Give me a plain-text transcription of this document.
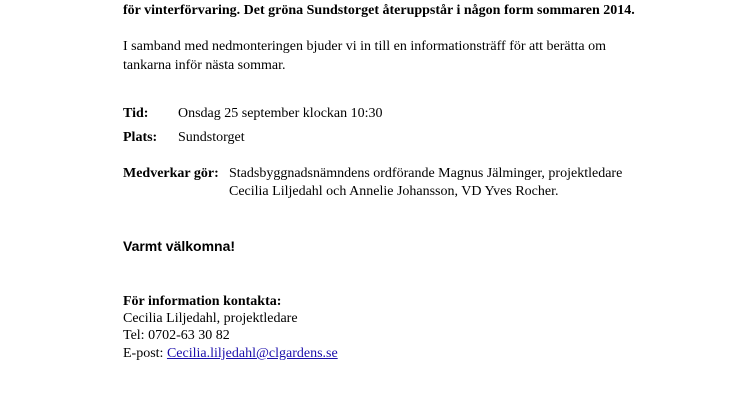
för vinterförvaring. Det gröna Sundstorget återuppstår i någon form sommaren 2014.
I samband med nedmonteringen bjuder vi in till en informationsträff för att berätta om
tankarna inför nästa sommar.
Tid: Onsdag 25 september klockan 10:30
Plats: Sundstorget
Medverkar gör: Stadsbyggnadsnämndens ordförande Magnus Jälminger, projektledare
Cecilia Liljedahl och Annelie Johansson, VD Yves Rocher.
Varmt välkomna!
För information kontakta:
Cecilia Liljedahl, projektledare
Tel: 0702-63 30 82
E-post: Cecilia.liljedahl@clgardens.se
